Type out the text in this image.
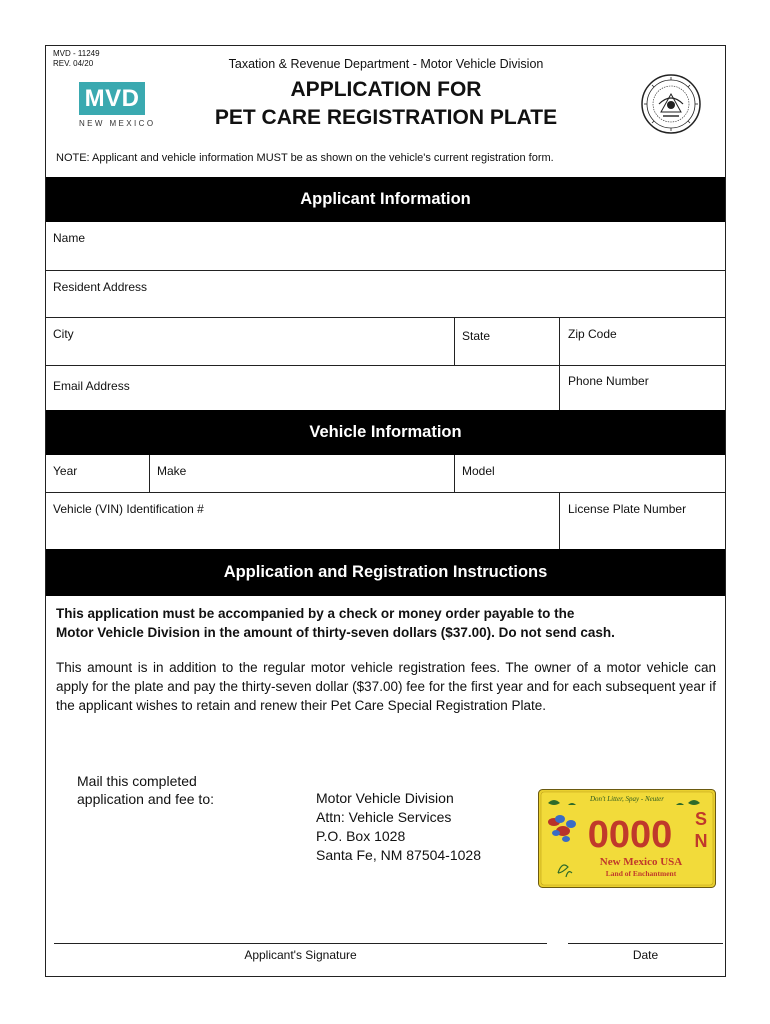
MVD - 11249
REV. 04/20
MVD
NEW MEXICO
Taxation & Revenue Department - Motor Vehicle Division
APPLICATION FOR
PET CARE REGISTRATION PLATE
NOTE: Applicant and vehicle information MUST be as shown on the vehicle's current registration form.
Applicant Information
Name
Resident Address
City	State	Zip Code
Email Address	Phone Number
Vehicle Information
Year	Make	Model
Vehicle (VIN) Identification #	License Plate Number
Application and Registration Instructions
This application must be accompanied by a check or money order payable to the
Motor Vehicle Division in the amount of thirty-seven dollars ($37.00). Do not send cash.
This amount is in addition to the regular motor vehicle registration fees. The owner of a motor vehicle can apply for the plate and pay the thirty-seven dollar ($37.00) fee for the first year and for each subsequent year if the applicant wishes to retain and renew their Pet Care Special Registration Plate.
Mail this completed
application and fee to:	Motor Vehicle Division
Attn: Vehicle Services
P.O. Box 1028
Santa Fe, NM 87504-1028
Don't Litter, Spay - Neuter
0000 S
N
New Mexico USA
Land of Enchantment
Applicant's Signature	Date
